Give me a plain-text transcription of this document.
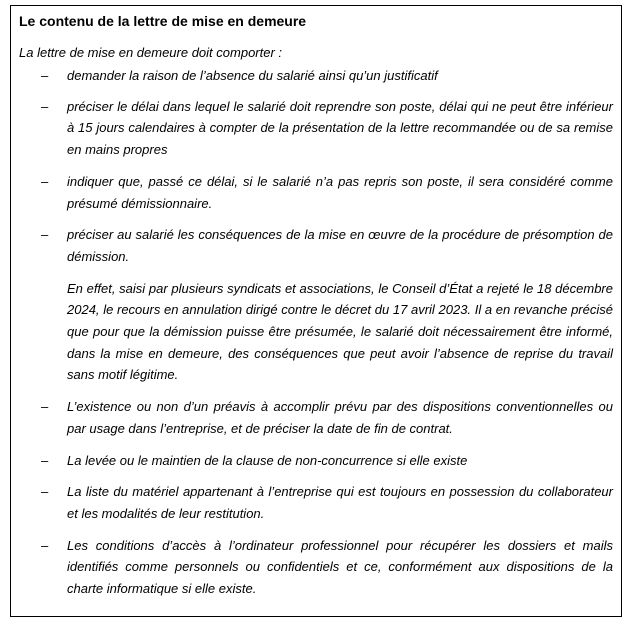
Le contenu de la lettre de mise en demeure
La lettre de mise en demeure doit comporter :
– demander la raison de l’absence du salarié ainsi qu’un justificatif
– préciser le délai dans lequel le salarié doit reprendre son poste, délai qui ne peut être inférieur à 15 jours calendaires à compter de la présentation de la lettre recommandée ou de sa remise en mains propres
– indiquer que, passé ce délai, si le salarié n’a pas repris son poste, il sera considéré comme présumé démissionnaire.
– préciser au salarié les conséquences de la mise en œuvre de la procédure de présomption de démission.
En effet, saisi par plusieurs syndicats et associations, le Conseil d’État a rejeté le 18 décembre 2024, le recours en annulation dirigé contre le décret du 17 avril 2023. Il a en revanche précisé que pour que la démission puisse être présumée, le salarié doit nécessairement être informé, dans la mise en demeure, des conséquences que peut avoir l’absence de reprise du travail sans motif légitime.
– L’existence ou non d’un préavis à accomplir prévu par des dispositions conventionnelles ou par usage dans l’entreprise, et de préciser la date de fin de contrat.
– La levée ou le maintien de la clause de non-concurrence si elle existe
– La liste du matériel appartenant à l’entreprise qui est toujours en possession du collaborateur et les modalités de leur restitution.
– Les conditions d’accès à l’ordinateur professionnel pour récupérer les dossiers et mails identifiés comme personnels ou confidentiels et ce, conformément aux dispositions de la charte informatique si elle existe.
